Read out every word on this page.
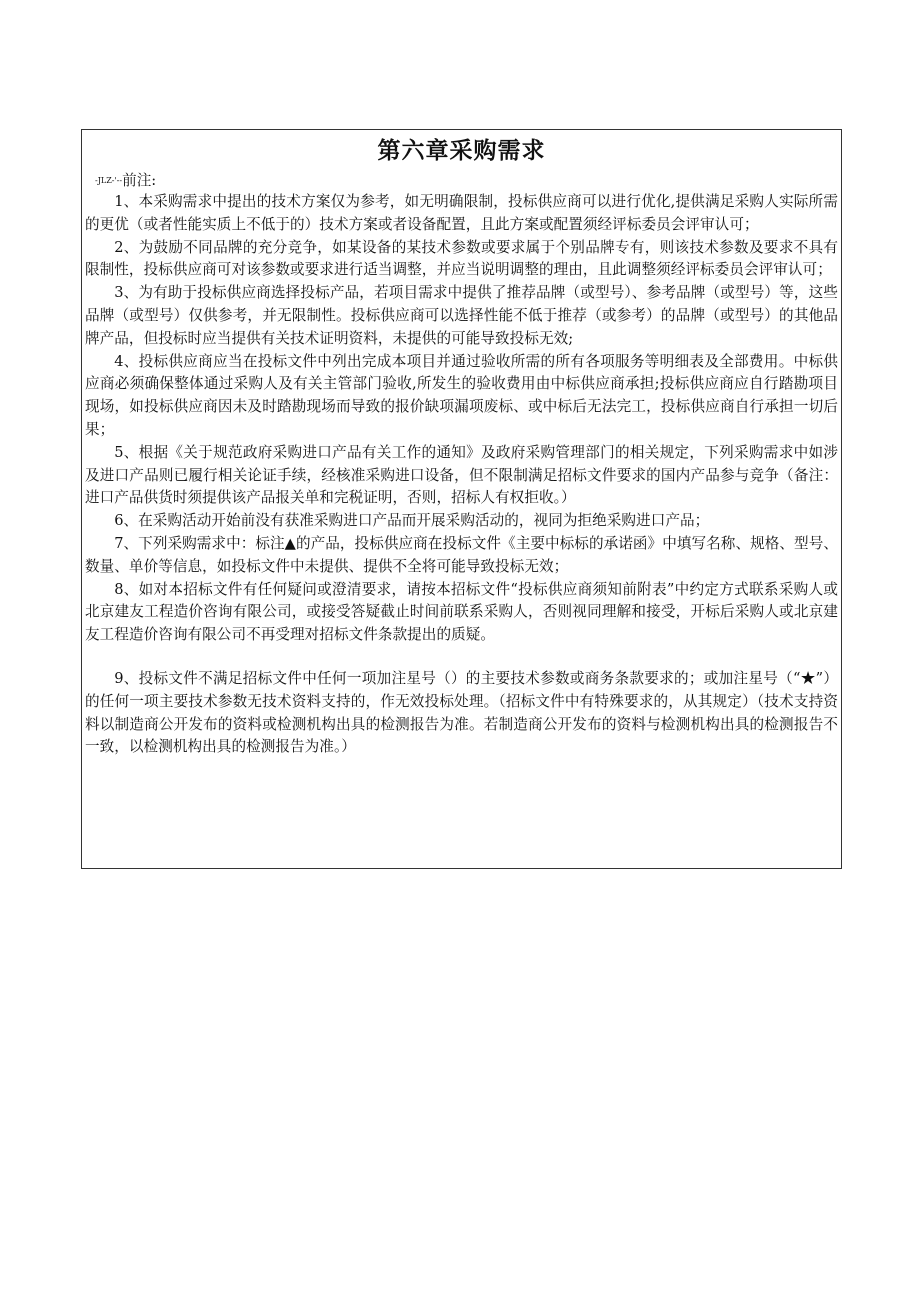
第六章采购需求
-JLZ-'--前注:

1、本采购需求中提出的技术方案仅为参考，如无明确限制，投标供应商可以进行优化,提供满足采购人实际所需的更优（或者性能实质上不低于的）技术方案或者设备配置，且此方案或配置须经评标委员会评审认可；

2、为鼓励不同品牌的充分竞争，如某设备的某技术参数或要求属于个别品牌专有，则该技术参数及要求不具有限制性，投标供应商可对该参数或要求进行适当调整，并应当说明调整的理由，且此调整须经评标委员会评审认可；

3、为有助于投标供应商选择投标产品，若项目需求中提供了推荐品牌（或型号）、参考品牌（或型号）等，这些品牌（或型号）仅供参考，并无限制性。投标供应商可以选择性能不低于推荐（或参考）的品牌（或型号）的其他品牌产品，但投标时应当提供有关技术证明资料，未提供的可能导致投标无效;

4、投标供应商应当在投标文件中列出完成本项目并通过验收所需的所有各项服务等明细表及全部费用。中标供应商必须确保整体通过采购人及有关主管部门验收,所发生的验收费用由中标供应商承担;投标供应商应自行踏勘项目现场，如投标供应商因未及时踏勘现场而导致的报价缺项漏项废标、或中标后无法完工，投标供应商自行承担一切后果；

5、根据《关于规范政府采购进口产品有关工作的通知》及政府采购管理部门的相关规定，下列采购需求中如涉及进口产品则已履行相关论证手续，经核准采购进口设备，但不限制满足招标文件要求的国内产品参与竞争（备注：进口产品供货时须提供该产品报关单和完税证明，否则，招标人有权拒收。）

6、在采购活动开始前没有获准采购进口产品而开展采购活动的，视同为拒绝采购进口产品；

7、下列采购需求中：标注▲的产品，投标供应商在投标文件《主要中标标的承诺函》中填写名称、规格、型号、数量、单价等信息，如投标文件中未提供、提供不全将可能导致投标无效；

8、如对本招标文件有任何疑问或澄清要求，请按本招标文件“投标供应商须知前附表”中约定方式联系采购人或北京建友工程造价咨询有限公司，或接受答疑截止时间前联系采购人，否则视同理解和接受，开标后采购人或北京建友工程造价咨询有限公司不再受理对招标文件条款提出的质疑。

9、投标文件不满足招标文件中任何一项加注星号（）的主要技术参数或商务条款要求的；或加注星号（“★”）的任何一项主要技术参数无技术资料支持的，作无效投标处理。（招标文件中有特殊要求的，从其规定）（技术支持资料以制造商公开发布的资料或检测机构出具的检测报告为准。若制造商公开发布的资料与检测机构出具的检测报告不一致，以检测机构出具的检测报告为准。）
